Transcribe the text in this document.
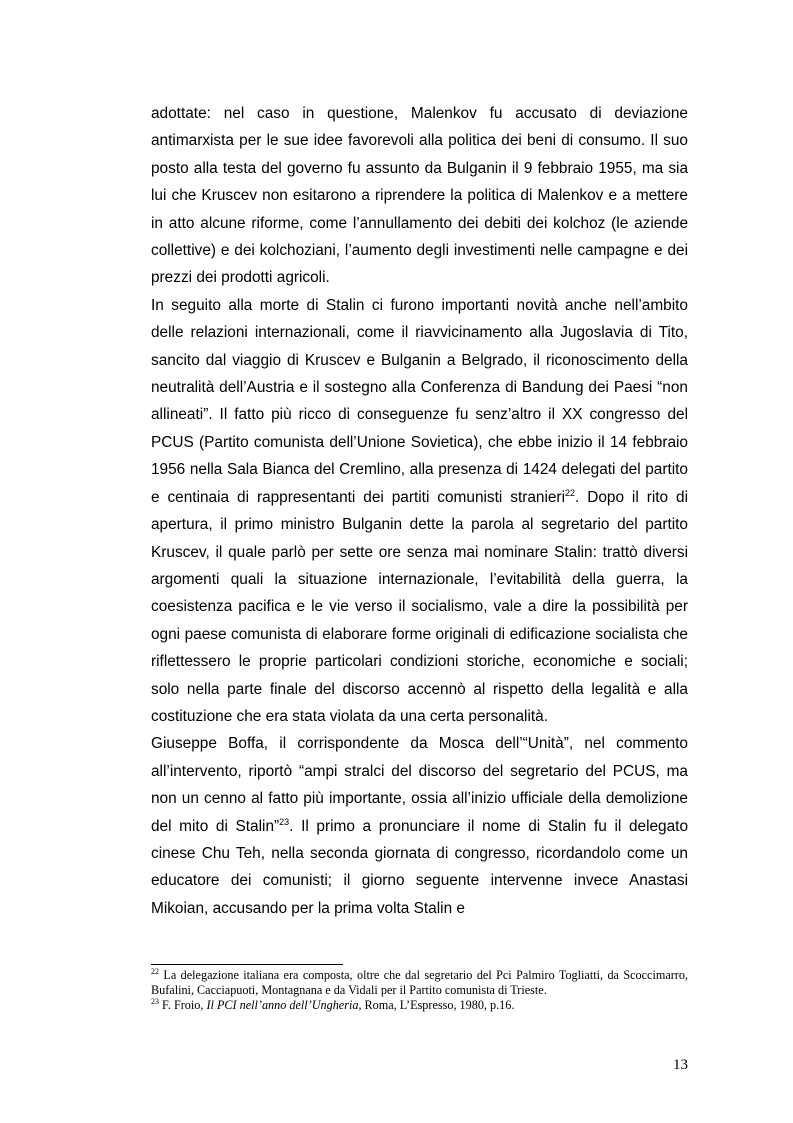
adottate: nel caso in questione, Malenkov fu accusato di deviazione antimarxista per le sue idee favorevoli alla politica dei beni di consumo. Il suo posto alla testa del governo fu assunto da Bulganin il 9 febbraio 1955, ma sia lui che Kruscev non esitarono a riprendere la politica di Malenkov e a mettere in atto alcune riforme, come l’annullamento dei debiti dei kolchoz (le aziende collettive) e dei kolchoziani, l’aumento degli investimenti nelle campagne e dei prezzi dei prodotti agricoli.

In seguito alla morte di Stalin ci furono importanti novità anche nell’ambito delle relazioni internazionali, come il riavvicinamento alla Jugoslavia di Tito, sancito dal viaggio di Kruscev e Bulganin a Belgrado, il riconoscimento della neutralità dell’Austria e il sostegno alla Conferenza di Bandung dei Paesi “non allineati”. Il fatto più ricco di conseguenze fu senz’altro il XX congresso del PCUS (Partito comunista dell’Unione Sovietica), che ebbe inizio il 14 febbraio 1956 nella Sala Bianca del Cremlino, alla presenza di 1424 delegati del partito e centinaia di rappresentanti dei partiti comunisti stranieri$^{22}$. Dopo il rito di apertura, il primo ministro Bulganin dette la parola al segretario del partito Kruscev, il quale parlò per sette ore senza mai nominare Stalin: trattò diversi argomenti quali la situazione internazionale, l’evitabilità della guerra, la coesistenza pacifica e le vie verso il socialismo, vale a dire la possibilità per ogni paese comunista di elaborare forme originali di edificazione socialista che riflettessero le proprie particolari condizioni storiche, economiche e sociali; solo nella parte finale del discorso accennò al rispetto della legalità e alla costituzione che era stata violata da una certa personalità.

Giuseppe Boffa, il corrispondente da Mosca dell’“Unità”, nel commento all’intervento, riportò “ampi stralci del discorso del segretario del PCUS, ma non un cenno al fatto più importante, ossia all’inizio ufficiale della demolizione del mito di Stalin”$^{23}$. Il primo a pronunciare il nome di Stalin fu il delegato cinese Chu Teh, nella seconda giornata di congresso, ricordandolo come un educatore dei comunisti; il giorno seguente intervenne invece Anastasi Mikoian, accusando per la prima volta Stalin e

$^{22}$ La delegazione italiana era composta, oltre che dal segretario del Pci Palmiro Togliatti, da Scoccimarro, Bufalini, Cacciapuoti, Montagnana e da Vidali per il Partito comunista di Trieste.

$^{23}$ F. Froio, Il PCI nell’anno dell’Ungheria, Roma, L’Espresso, 1980, p.16.

13
